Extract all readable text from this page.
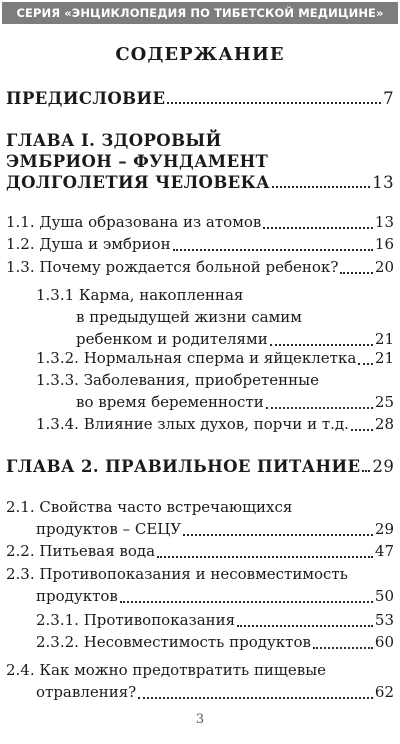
СЕРИЯ «ЭНЦИКЛОПЕДИЯ ПО ТИБЕТСКОЙ МЕДИЦИНЕ»
СОДЕРЖАНИЕ
ПРЕДИСЛОВИЕ	7
ГЛАВА I. ЗДОРОВЫЙ
ЭМБРИОН – ФУНДАМЕНТ
ДОЛГОЛЕТИЯ ЧЕЛОВЕКА	13
1.1. Душа образована из атомов	13
1.2. Душа и эмбрион	16
1.3. Почему рождается больной ребенок? 20
1.3.1 Карма, накопленная
в предыдущей жизни самим
ребенком и родителями	21
1.3.2. Нормальная сперма и яйцеклетка 21
1.3.3. Заболевания, приобретенные
во время беременности	25
1.3.4. Влияние злых духов, порчи и т.д. 28
ГЛАВА 2. ПРАВИЛЬНОЕ ПИТАНИЕ 29
2.1. Свойства часто встречающихся
продуктов – СЕЦУ	29
2.2. Питьевая вода	47
2.3. Противопоказания и несовместимость
продуктов	50
2.3.1. Противопоказания	53
2.3.2. Несовместимость продуктов	60
2.4. Как можно предотвратить пищевые
отравления?	62
3
